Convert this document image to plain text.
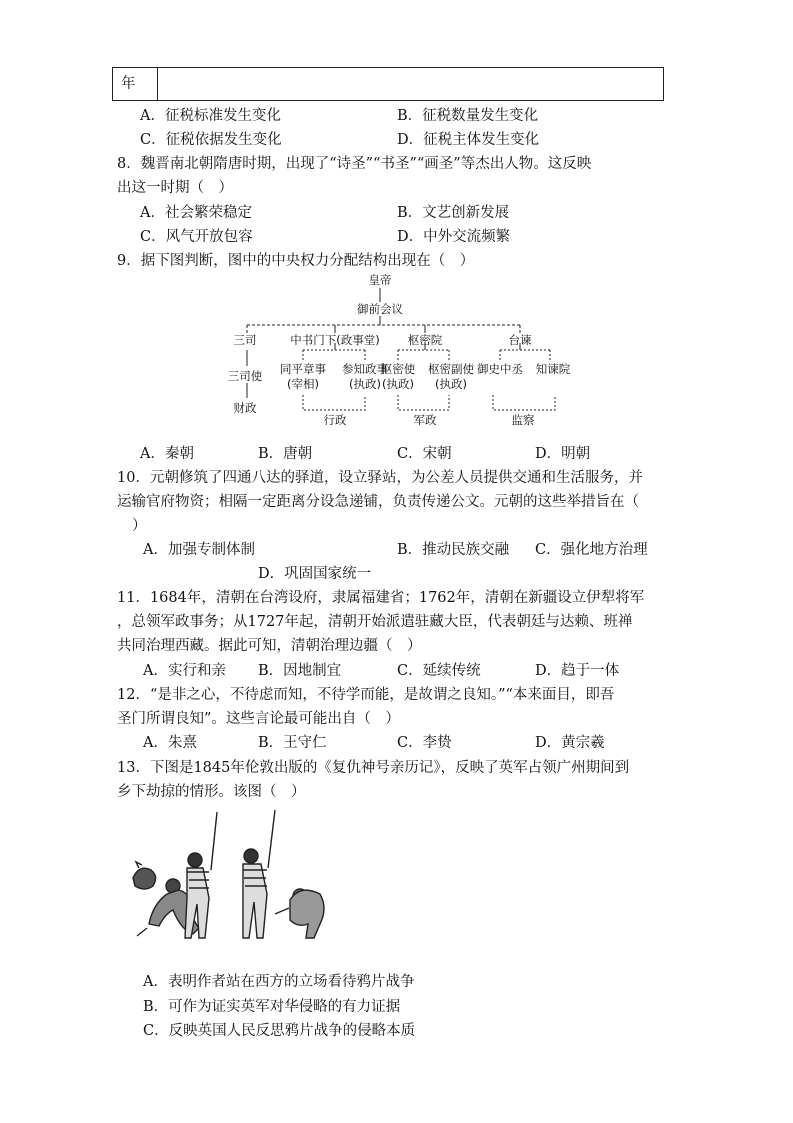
年
A．征税标准发生变化	B．征税数量发生变化
C．征税依据发生变化	D．征税主体发生变化
8．魏晋南北朝隋唐时期，出现了“诗圣”“书圣”“画圣”等杰出人物。这反映
出这一时期（　）
A．社会繁荣稳定	B．文艺创新发展
C．风气开放包容	D．中外交流频繁
9．据下图判断，图中的中央权力分配结构出现在（　）
皇帝
御前会议
三司	中书门下(政事堂) 枢密院	台谏
三司使 同平章事
(宰相)
参知政事
(执政)
枢密使
(执政)
枢密副使
(执政)
御史中丞 知谏院
财政
行政	军政	监察
A．秦朝	B．唐朝	C．宋朝	D．明朝
10．元朝修筑了四通八达的驿道，设立驿站，为公差人员提供交通和生活服务，并
运输官府物资；相隔一定距离分设急递铺，负责传递公文。元朝的这些举措旨在（
）
A．加强专制体制	B．推动民族交融 C．强化地方治理
D．巩固国家统一
11．1684年，清朝在台湾设府，隶属福建省；1762年，清朝在新疆设立伊犁将军
，总领军政事务；从1727年起，清朝开始派遣驻藏大臣，代表朝廷与达赖、班禅
共同治理西藏。据此可知，清朝治理边疆（　）
A．实行和亲 B．因地制宜	C．延续传统	D．趋于一体
12．“是非之心，不待虑而知，不待学而能，是故谓之良知。”“本来面目，即吾
圣门所谓良知”。这些言论最可能出自（　）
A．朱熹	B．王守仁	C．李贽	D．黄宗羲
13．下图是1845年伦敦出版的《复仇神号亲历记》，反映了英军占领广州期间到
乡下劫掠的情形。该图（　）
A．表明作者站在西方的立场看待鸦片战争
B．可作为证实英军对华侵略的有力证据
C．反映英国人民反思鸦片战争的侵略本质
